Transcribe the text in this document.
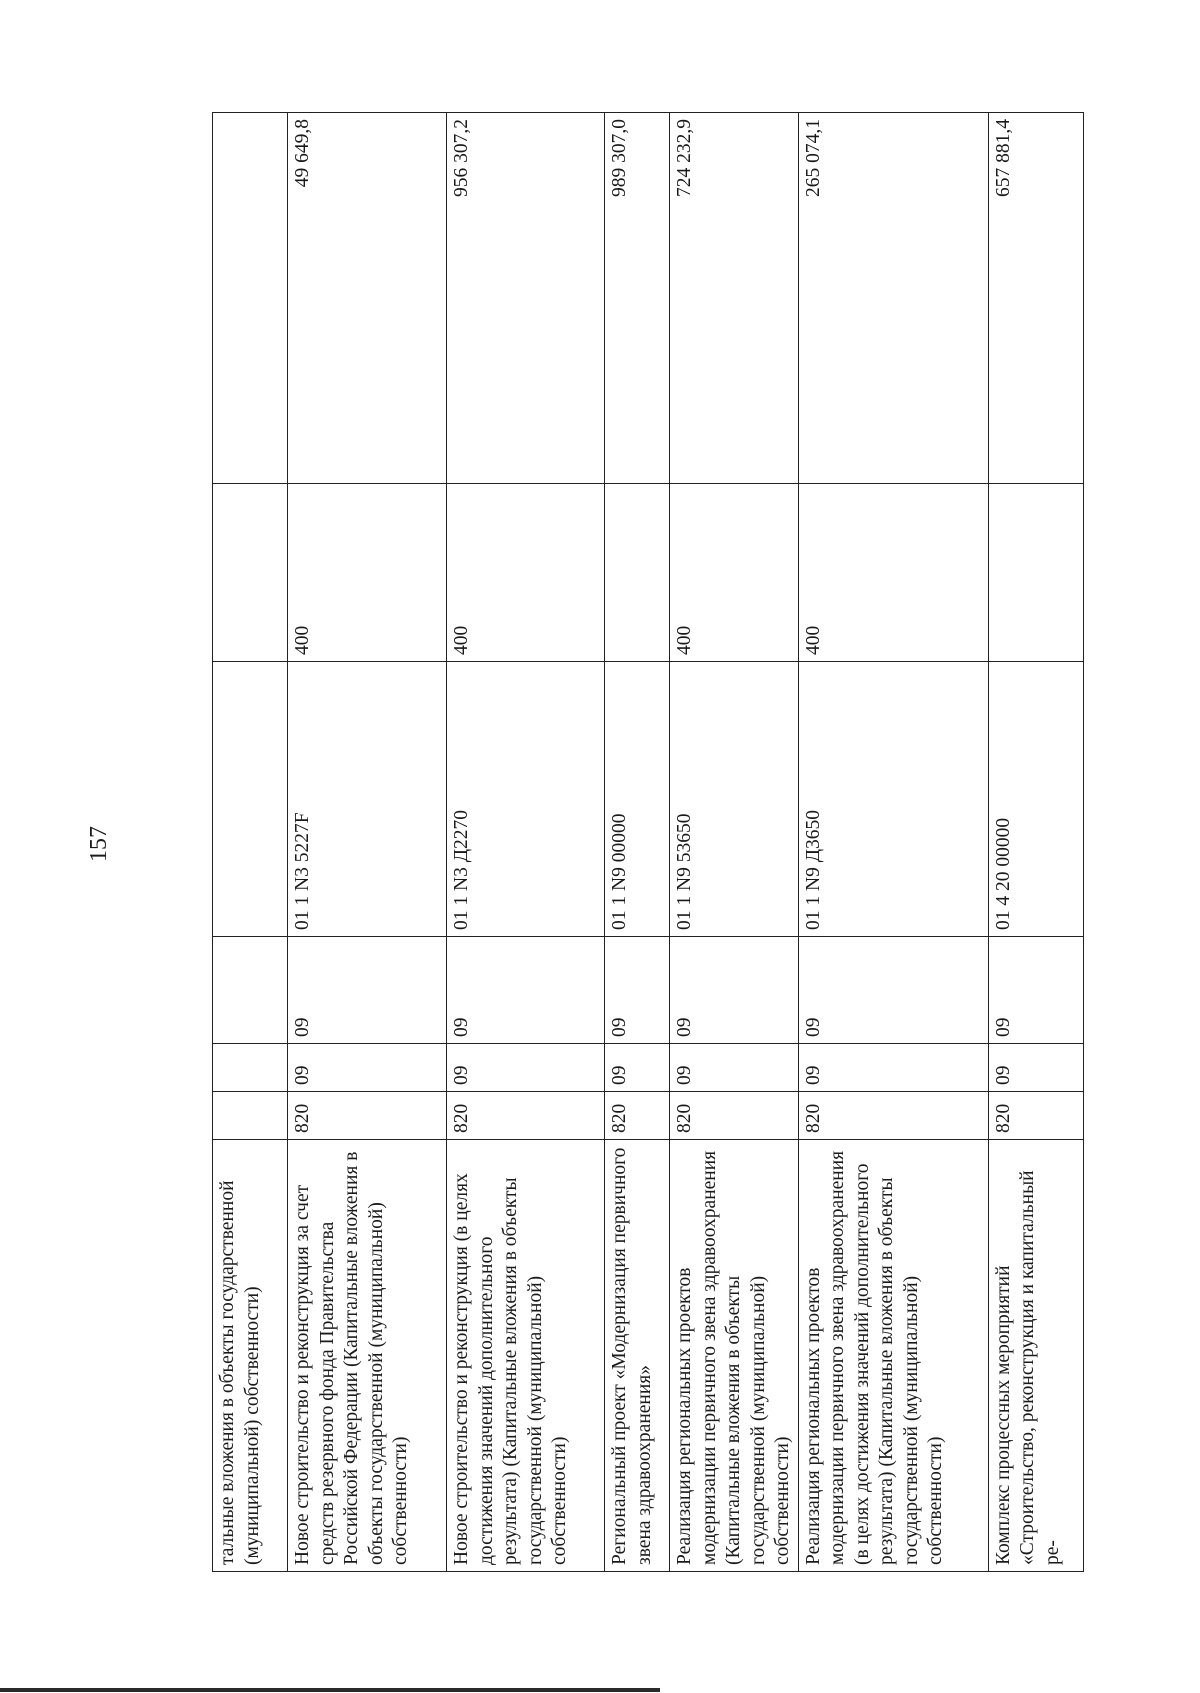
157
тальные вложения в объекты государственной (муниципальной) собственности)						
Новое строительство и реконструкция за счет средств резервного фонда Правительства Российской Федерации (Капитальные вложения в объекты государственной (муниципальной) собственности)	820	09	09	01 1 N3 5227F	400	49 649,8
Новое строительство и реконструкция (в целях достижения значений дополнительного результата) (Капитальные вложения в объекты государственной (муниципальной) собственности)	820	09	09	01 1 N3 Д2270	400	956 307,2
Региональный проект «Модернизация первичного звена здравоохранения»	820	09	09	01 1 N9 00000		989 307,0
Реализация региональных проектов модернизации первичного звена здравоохранения (Капитальные вложения в объекты государственной (муниципальной) собственности)	820	09	09	01 1 N9 53650	400	724 232,9
Реализация региональных проектов модернизации первичного звена здравоохранения (в целях достижения значений дополнительного результата) (Капитальные вложения в объекты государственной (муниципальной) собственности)	820	09	09	01 1 N9 Д3650	400	265 074,1
Комплекс процессных мероприятий «Строительство, реконструкция и капитальный ре-	820	09	09	01 4 20 00000		657 881,4
